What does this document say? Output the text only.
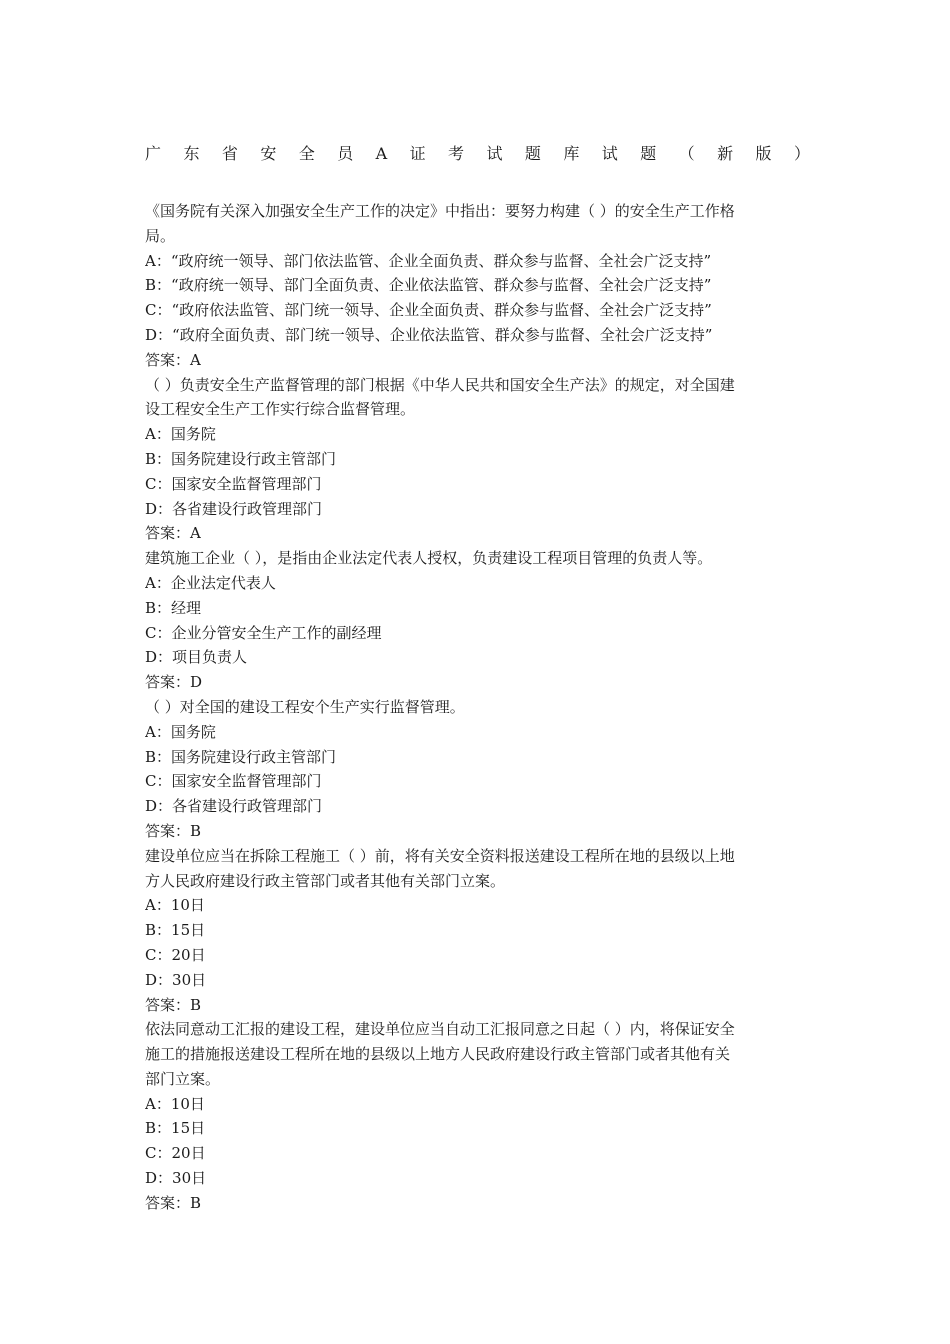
广 东 省 安 全 员 A 证 考 试 题 库 试 题 （ 新 版 ）
《国务院有关深入加强安全生产工作的决定》中指出：要努力构建（ ）的安全生产工作格
局。
A：“政府统一领导、部门依法监管、企业全面负责、群众参与监督、全社会广泛支持”
B：“政府统一领导、部门全面负责、企业依法监管、群众参与监督、全社会广泛支持”
C：“政府依法监管、部门统一领导、企业全面负责、群众参与监督、全社会广泛支持”
D：“政府全面负责、部门统一领导、企业依法监管、群众参与监督、全社会广泛支持”
答案：A
（ ）负责安全生产监督管理的部门根据《中华人民共和国安全生产法》的规定，对全国建
设工程安全生产工作实行综合监督管理。
A：国务院
B：国务院建设行政主管部门
C：国家安全监督管理部门
D：各省建设行政管理部门
答案：A
建筑施工企业（ ），是指由企业法定代表人授权，负责建设工程项目管理的负责人等。
A：企业法定代表人
B：经理
C：企业分管安全生产工作的副经理
D：项目负责人
答案：D
（ ）对全国的建设工程安个生产实行监督管理。
A：国务院
B：国务院建设行政主管部门
C：国家安全监督管理部门
D：各省建设行政管理部门
答案：B
建设单位应当在拆除工程施工（ ）前，将有关安全资料报送建设工程所在地的县级以上地
方人民政府建设行政主管部门或者其他有关部门立案。
A：10日
B：15日
C：20日
D：30日
答案：B
依法同意动工汇报的建设工程，建设单位应当自动工汇报同意之日起（ ）内，将保证安全
施工的措施报送建设工程所在地的县级以上地方人民政府建设行政主管部门或者其他有关
部门立案。
A：10日
B：15日
C：20日
D：30日
答案：B
